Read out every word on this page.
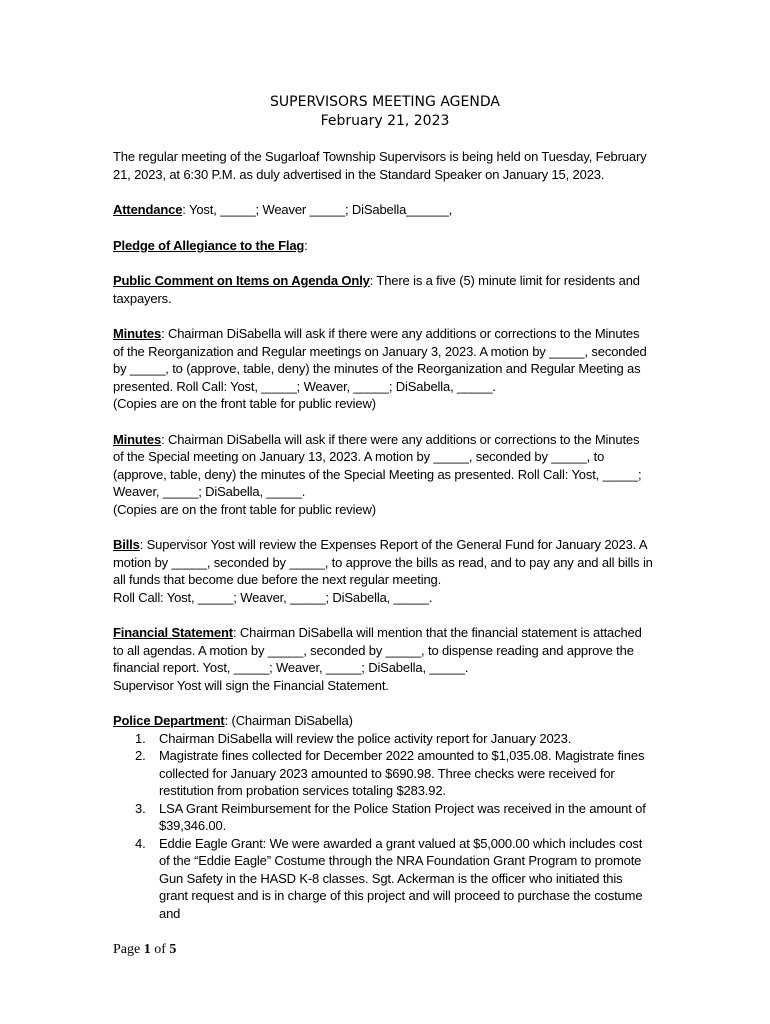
SUPERVISORS MEETING AGENDA
February 21, 2023

The regular meeting of the Sugarloaf Township Supervisors is being held on Tuesday, February 21, 2023, at 6:30 P.M. as duly advertised in the Standard Speaker on January 15, 2023.

Attendance: Yost, _____; Weaver _____; DiSabella______,

Pledge of Allegiance to the Flag:

Public Comment on Items on Agenda Only: There is a five (5) minute limit for residents and taxpayers.

Minutes: Chairman DiSabella will ask if there were any additions or corrections to the Minutes of the Reorganization and Regular meetings on January 3, 2023. A motion by _____, seconded by _____, to (approve, table, deny) the minutes of the Reorganization and Regular Meeting as presented. Roll Call: Yost, _____; Weaver, _____; DiSabella, _____.
(Copies are on the front table for public review)

Minutes: Chairman DiSabella will ask if there were any additions or corrections to the Minutes of the Special meeting on January 13, 2023. A motion by _____, seconded by _____, to (approve, table, deny) the minutes of the Special Meeting as presented. Roll Call: Yost, _____; Weaver, _____; DiSabella, _____.
(Copies are on the front table for public review)

Bills: Supervisor Yost will review the Expenses Report of the General Fund for January 2023. A motion by _____, seconded by _____, to approve the bills as read, and to pay any and all bills in all funds that become due before the next regular meeting.
Roll Call: Yost, _____; Weaver, _____; DiSabella, _____.

Financial Statement: Chairman DiSabella will mention that the financial statement is attached to all agendas. A motion by _____, seconded by _____, to dispense reading and approve the financial report. Yost, _____; Weaver, _____; DiSabella, _____.
Supervisor Yost will sign the Financial Statement.

Police Department: (Chairman DiSabella)
1. Chairman DiSabella will review the police activity report for January 2023.
2. Magistrate fines collected for December 2022 amounted to $1,035.08. Magistrate fines collected for January 2023 amounted to $690.98. Three checks were received for restitution from probation services totaling $283.92.
3. LSA Grant Reimbursement for the Police Station Project was received in the amount of $39,346.00.
4. Eddie Eagle Grant: We were awarded a grant valued at $5,000.00 which includes cost of the “Eddie Eagle” Costume through the NRA Foundation Grant Program to promote Gun Safety in the HASD K-8 classes. Sgt. Ackerman is the officer who initiated this grant request and is in charge of this project and will proceed to purchase the costume and
Page 1 of 5
